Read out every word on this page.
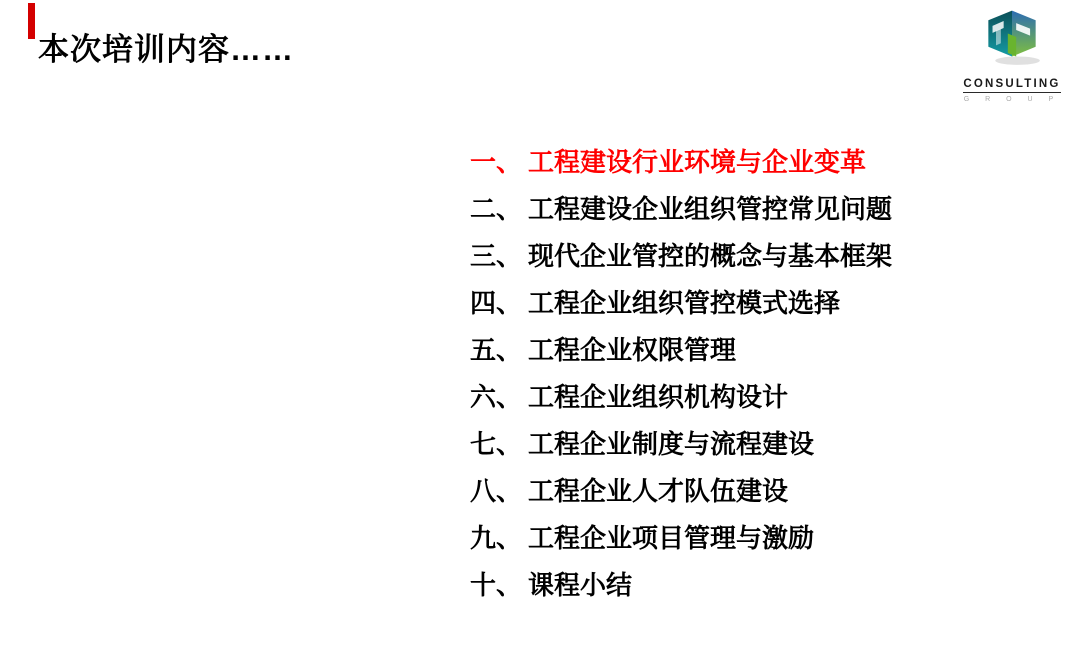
本次培训内容……
CONSULTING
G R O U P
一、 工程建设行业环境与企业变革
二、 工程建设企业组织管控常见问题
三、 现代企业管控的概念与基本框架
四、 工程企业组织管控模式选择
五、 工程企业权限管理
六、 工程企业组织机构设计
七、 工程企业制度与流程建设
八、 工程企业人才队伍建设
九、 工程企业项目管理与激励
十、 课程小结
